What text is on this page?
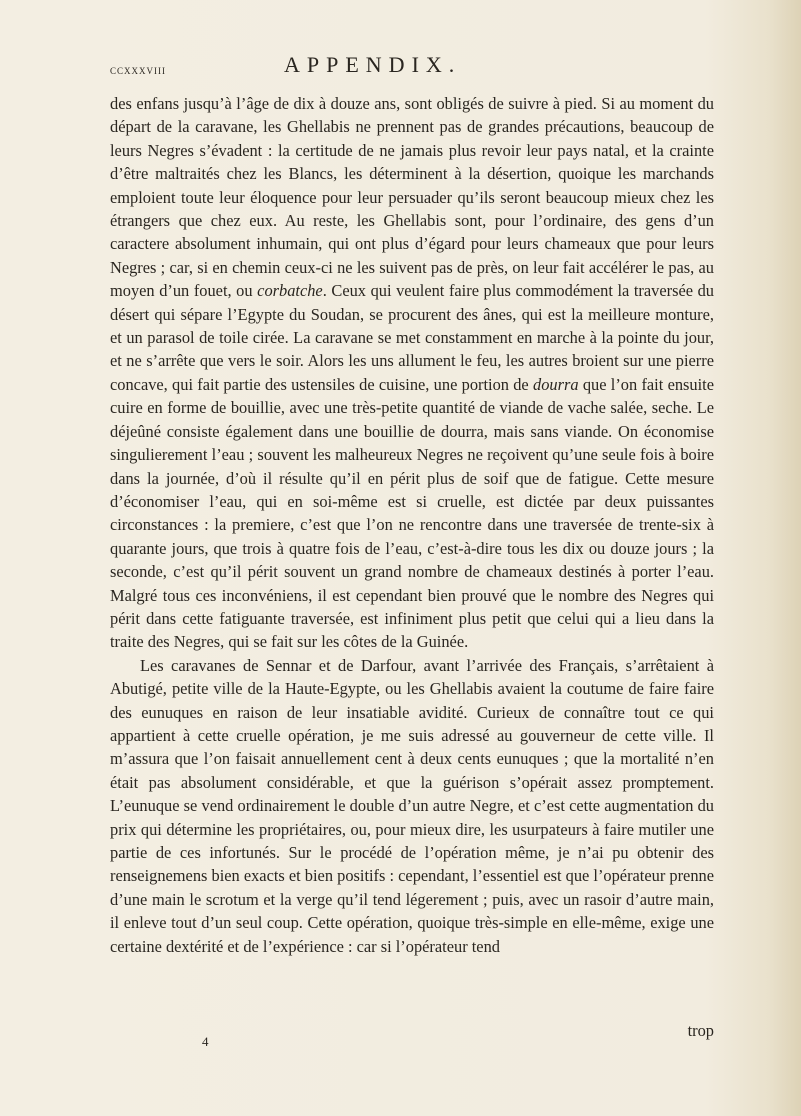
ccxxxviii	APPENDIX.

des enfans jusqu’à l’âge de dix à douze ans, sont obligés de suivre à pied. Si au moment du départ de la caravane, les Ghellabis ne prennent pas de grandes précautions, beaucoup de leurs Negres s’évadent : la certitude de ne jamais plus revoir leur pays natal, et la crainte d’être maltraités chez les Blancs, les déterminent à la désertion, quoique les marchands emploient toute leur éloquence pour leur persuader qu’ils seront beaucoup mieux chez les étrangers que chez eux. Au reste, les Ghellabis sont, pour l’ordinaire, des gens d’un caractere absolument inhumain, qui ont plus d’égard pour leurs chameaux que pour leurs Negres ; car, si en chemin ceux-ci ne les suivent pas de près, on leur fait accélérer le pas, au moyen d’un fouet, ou corbatche. Ceux qui veulent faire plus commodément la traversée du désert qui sépare l’Egypte du Soudan, se procurent des ânes, qui est la meilleure monture, et un parasol de toile cirée. La caravane se met constamment en marche à la pointe du jour, et ne s’arrête que vers le soir. Alors les uns allument le feu, les autres broient sur une pierre concave, qui fait partie des ustensiles de cuisine, une portion de dourra que l’on fait ensuite cuire en forme de bouillie, avec une très-petite quantité de viande de vache salée, seche. Le déjeûné consiste également dans une bouillie de dourra, mais sans viande. On économise singulierement l’eau ; souvent les malheureux Negres ne reçoivent qu’une seule fois à boire dans la journée, d’où il résulte qu’il en périt plus de soif que de fatigue. Cette mesure d’économiser l’eau, qui en soi-même est si cruelle, est dictée par deux puissantes circonstances : la premiere, c’est que l’on ne rencontre dans une traversée de trente-six à quarante jours, que trois à quatre fois de l’eau, c’est-à-dire tous les dix ou douze jours ; la seconde, c’est qu’il périt souvent un grand nombre de chameaux destinés à porter l’eau. Malgré tous ces inconvéniens, il est cependant bien prouvé que le nombre des Negres qui périt dans cette fatiguante traversée, est infiniment plus petit que celui qui a lieu dans la traite des Negres, qui se fait sur les côtes de la Guinée.

Les caravanes de Sennar et de Darfour, avant l’arrivée des Français, s’arrêtaient à Abutigé, petite ville de la Haute-Egypte, ou les Ghellabis avaient la coutume de faire faire des eunuques en raison de leur insatiable avidité. Curieux de connaître tout ce qui appartient à cette cruelle opération, je me suis adressé au gouverneur de cette ville. Il m’assura que l’on faisait annuellement cent à deux cents eunuques ; que la mortalité n’en était pas absolument considérable, et que la guérison s’opérait assez promptement. L’eunuque se vend ordinairement le double d’un autre Negre, et c’est cette augmentation du prix qui détermine les propriétaires, ou, pour mieux dire, les usurpateurs à faire mutiler une partie de ces infortunés. Sur le procédé de l’opération même, je n’ai pu obtenir des renseignemens bien exacts et bien positifs : cependant, l’essentiel est que l’opérateur prenne d’une main le scrotum et la verge qu’il tend légerement ; puis, avec un rasoir d’autre main, il enleve tout d’un seul coup. Cette opération, quoique très-simple en elle-même, exige une certaine dextérité et de l’expérience : car si l’opérateur tend

trop
4
